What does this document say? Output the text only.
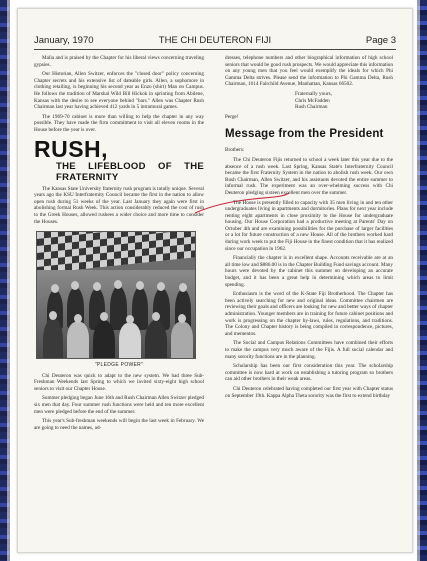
January, 1970	THE CHI DEUTERON FIJI	Page 3

Malia and is praised by the Chapter for his liberal views concerning traveling gypsies.

Our Historian, Allen Switzer, enforces the "closed door" policy concerning Chapter secrets and his extensive list of dateable girls. Allen, a sophomore in clothing retailing, is beginning his second year as Enzo (shirt) Man on Campus. He follows the tradition of Marshal Wild Bill Hickok in sprinting from Abilene, Kansas with the desire to see everyone behind "bars." Allen was Chapter Rush Chairman last year having achieved 412 yards in 5 intramural games.

The 1969-70 cabinet is more than willing to help the chapter in any way possible. They have made the firm commitment to visit all eleven rooms in the House before the year is over.

RUSH,
THE LIFEBLOOD OF THE FRATERNITY

The Kansas State University fraternity rush program is totally unique. Several years ago the KSU Interfraternity Council became the first in the nation to allow open rush during 51 weeks of the year. Last January they again were first in abolishing formal Rush Week. This action considerably reduced the cost of rush to the Greek Houses, allowed rushees a wider choice and more time to consider the Houses.

"PLEDGE POWER"

Chi Deuteron was quick to adapt to the new system. We had three Sub-Freshman Weekends last Spring to which we invited sixty-eight high school seniors to visit our Chapter House.

Summer pledging began June 16th and Rush Chairman Allen Switzer pledged six men that day. Four summer rush functions were held and ten more excellent men were pledged before the end of the summer.

This year's Sub-freshman weekends will begin the last week in February. We are going to need the names, ad-

dresses, telephone numbers and other biographical information of high school seniors that would be good rush prospects. We would appreciate this information on any young men that you feel would exemplify the ideals for which Phi Gamma Delta strives. Please send the information to Phi Gamma Delta, Rush Chairman, 1614 Fairchild Avenue, Manhattan, Kansas 66502.

Fraternally yours,
Chris McFadden
Rush Chairman

Perge!

Message from the President

Brothers:

The Chi Deuteron Fijis returned to school a week later this year due to the absence of a rush week. Last Spring, Kansas State's Interfraternity Council became the first Fraternity System in the nation to abolish rush week. Our own Rush Chairman, Allen Switzer, and his assistants devoted the entire summer to informal rush. The experiment was an over-whelming success with Chi Deuteron pledging sixteen excellent men over the summer.

The House is presently filled to capacity with 35 men living in and ten other undergraduates living in apartments and dormitories. Plans for next year include renting eight apartments in close proximity to the House for undergraduate housing. Our House Corporation had a productive meeting at Parents' Day on October 4th and are examining possibilities for the purchase of larger facilities or a lot for future construction of a new House. All of the brothers worked hard during work week to put the Fiji House in the finest condition that it has realized since our occupation in 1962.

Financially the chapter is in excellent shape. Accounts receivable are at an all time low and $886.00 is in the Chapter Building Fund savings account. Many hours were devoted by the cabinet this summer on developing an accurate budget, and it has been a great help in determining which areas to limit spending.

Enthusiasm is the word of the K-State Fiji Brotherhood. The Chapter has been actively searching for new and original ideas. Committee chairmen are reviewing their goals and officers are looking for new and better ways of chapter administration. Younger members are in training for future cabinet positions and work is progressing on the chapter by-laws, rules, regulations, and traditions. The Colony and Chapter history is being compiled in correspondence, pictures, and mementos.

The Social and Campus Relations Committees have combined their efforts to make the campus very much aware of the Fijis. A full social calendar and many sorority functions are in the planning.

Scholarship has been our first consideration this year. The scholarship committee is now hard at work on establishing a tutoring program so brothers can aid other brothers in their weak areas.

Chi Deuteron celebrated having completed our first year with Chapter status on September 19th. Kappa Alpha Theta sorority was the first to extend birthday
